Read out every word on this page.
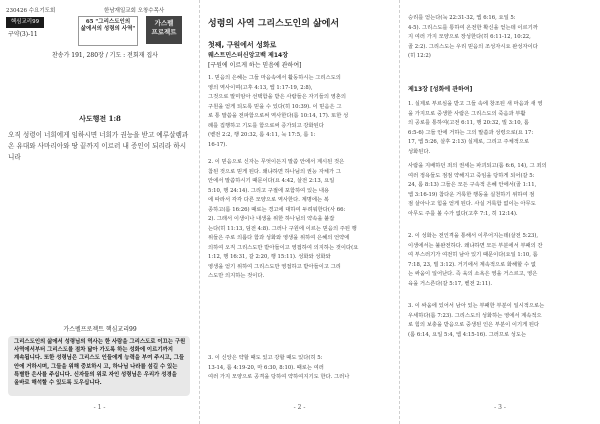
230426 수요기도회	한남재일교회 오창수목사
핵심교리99
구약(3)-11
65 "그리스도인의
삶에서의 성령의 사역"
가스펠
프로젝트
찬송가 191, 280장 / 기도 : 전회재 집사
사도행전 1:8
오직 성령이 너희에게 임하시면 너희가 권능을 받고 예루살렘과 온 유대와 사마리아와 땅 끝까지 이르러 내 증인이 되리라 하시니라
가스펠프로젝트 핵심교리99
그리스도인의 삶에서 성령님의 역사는 한 사람을 그리스도로 이끄는 구원 사역에서부터 그리스도를 점차 닮아 가도록 하는 성화에 이르기까지 계속됩니다. 또한 성령님은 그리스도 인들에게 능력을 부여 주시고, 그들 안에 거하시며, 그들을 위해 중보하시 고, 하나님 나라를 섬길 수 있는 특별한 은사를 주십니다. 신자들의 위로 자인 성령님은 우리가 성경을 올바로 해석할 수 있도록 도우십니다.
- 1 -
성령의 사역 그리스도인의 삶에서
첫째, 구원에서 성화로
웨스트민스터신앙고백 제14장
[구원에 이르게 하는 믿음에 관하여]
1. 믿음의 은혜는 그들 마음속에서 활동하시는 그리스도의
영의 역사이며(고후 4:13, 엡 1:17-19, 2:8),
그것으로 말미암아 선택함을 받은 사람들은 자기들의 영혼의
구원을 얻게 되도록 믿을 수 있다(히 10:39). 이 믿음은 그
로 통 말씀을 전파함으로써 역사한다(롬 10:14, 17). 또한 성
례를 집행하고 기도를 함으로써 증가되고 강화된다
(벧전 2:2, 행 20:32, 롬 4:11, 눅 17:5, 롬 1:
16-17).
2. 이 믿음으로 신자는 무엇이든지 말씀 안에서 계시된 것은
참된 것으로 믿게 된다. 왜냐하면 하나님의 권능 자체가 그
안에서 말씀하시기 때문이다(요 4:42, 살전 2:13, 요일
5:10, 행 24:14). 그리고 구절에 포함하여 있는 내용
에 따라서 각각 다른 모양으로 역사한다. 계명에는 복
종하고(롬 16:26) 때로는 경고에 대하여 두려워한다(사 66:
2). 그래서 이생이나 내생을 위한 하나님의 약속을 붙잡
는다(히 11:13, 딤전 4:8). 그러나 구원에 이르는 믿음의 주된 행
위들은 주로 의롭다 함과 성화와 영생을 위하여 은혜의 언약에
의하여 오직 그리스도만 받아들이고 영접하여 의지하는 것이다(요
1:12, 행 16:31, 갈 2:20, 행 15:11). 성화와 성화와
영생을 얻기 위하여 그리스도만 영접하고 받아들이고 그리
스도만 의지하는 것이다.
3. 이 신앙은 약할 때도 있고 강할 때도 있다(히 5:
13-14, 롬 4:19-20, 마 6:30, 8:10). 때로는 여러
여러 가지 모양으로 공격을 당하여 약하여지기도 한다. 그러나
- 2 -
승리를 얻는다(눅 22:31-32, 엡 6:16, 요일 5:
4-5). 그리스도를 통하여 온전한 확신을 얻는데 이르기까
지 여러 가지 모양으로 장성한다(히 6:11-12, 10:22,
골 2:2). 그리스도는 우리 믿음의 조성자시요 완성자이다
(히 12:2)
제13장 [성화에 관하여]
1. 실제로 부르심을 받고 그들 속에 창조된 새 마음과 새 영
을 가지므로 중생한 사람은 그리스도의 죽음과 부활
의 공로를 통하여(고전 6:11, 행 20:32, 빌 3:10, 롬
6:5-6) 그들 안에 거하는 그의 말씀과 성령으로(요 17:
17, 엡 5:26, 살후 2:13) 실제로, 그리고 주체적으로
성화된다.
사람을 지배하던 죄의 권세는 파괴되고(롬 6:6, 14), 그 죄의
여러 정욕들도 점점 약해지고 죽임을 당하게 되어(갈 5:
24, 롬 8:13) 그들은 모든 구속적 은혜 안에서(골 1:11,
엡 3:16-19) 참다운 거룩한 행동을 실천하기 위하여 점
점 살아나고 힘을 얻게 된다. 사실 거룩함 없이는 아무도
아무도 주를 볼 수가 없다(고후 7:1, 히 12:14).
2. 이 성화는 전인격을 통해서 이루어지는데(살전 5:23),
이생에서는 불완전하다. 왜냐하면 모든 부분에서 부패의 잔
여 부스러기가 여전히 남아 있기 때문이다(요일 1:10, 롬
7:18, 23, 빌 3:12). 거기에서 계속적으로 화해할 수 없
는 싸움이 일어난다. 즉 육의 소욕은 영을 거스르고, 영은
육을 거스른다(갈 5:17, 벧전 2:11).
3. 이 싸움에 있어서 남아 있는 부패한 부분이 일시적으로는
우세하다(롬 7:23). 그리스도의 성화하는 영에서 계속적으
로 힘의 보충을 받음으로 중생된 인은 부분이 이기게 된다
(롬 6:14, 요일 5:4, 엡 4:15-16). 그러므로 성도는
- 3 -
